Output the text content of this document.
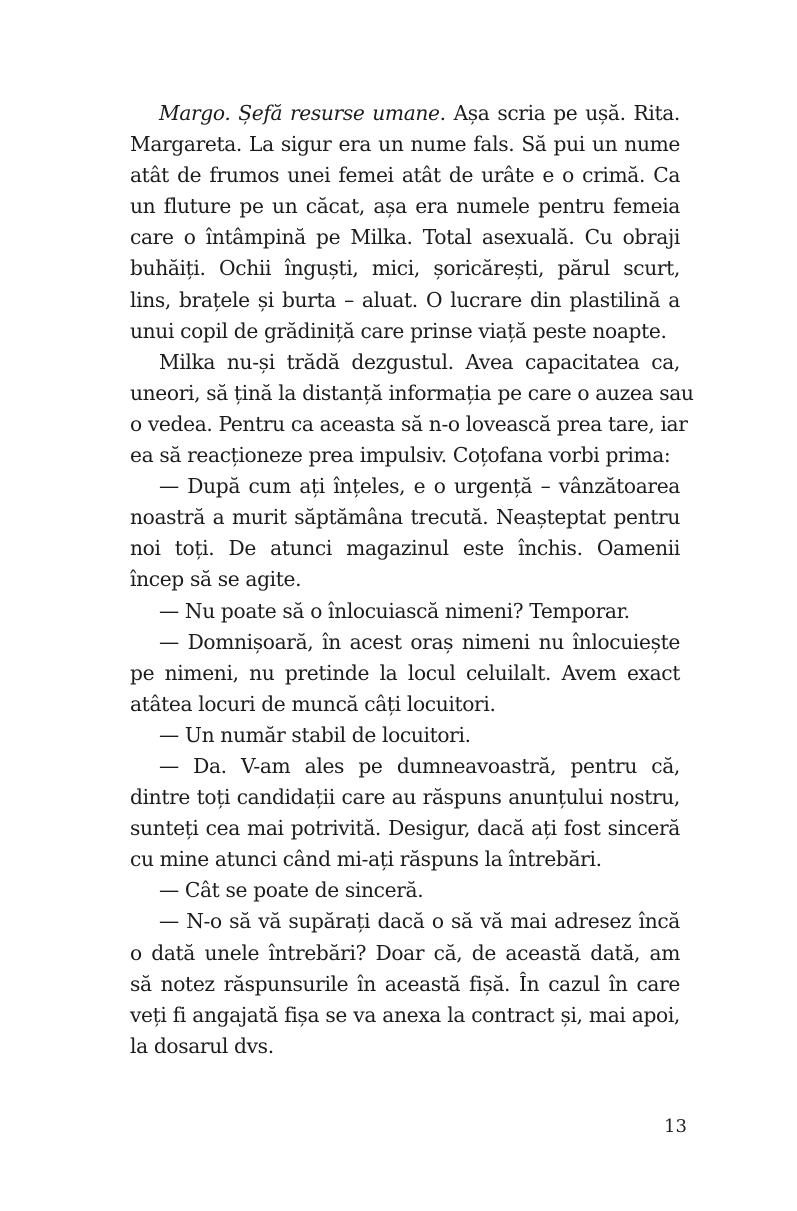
Margo. Șefă resurse umane. Așa scria pe ușă. Rita.
Margareta. La sigur era un nume fals. Să pui un nume
atât de frumos unei femei atât de urâte e o crimă. Ca
un fluture pe un căcat, așa era numele pentru femeia
care o întâmpină pe Milka. Total asexuală. Cu obraji
buhăiți. Ochii înguști, mici, șoricărești, părul scurt,
lins, brațele și burta – aluat. O lucrare din plastilină a
unui copil de grădiniță care prinse viață peste noapte.
Milka nu-și trădă dezgustul. Avea capacitatea ca,
uneori, să țină la distanță informația pe care o auzea sau
o vedea. Pentru ca aceasta să n-o lovească prea tare, iar
ea să reacționeze prea impulsiv. Coțofana vorbi prima:
— După cum ați înțeles, e o urgență – vânzătoarea
noastră a murit săptămâna trecută. Neașteptat pentru
noi toți. De atunci magazinul este închis. Oamenii
încep să se agite.
— Nu poate să o înlocuiască nimeni? Temporar.
— Domnișoară, în acest oraș nimeni nu înlocuiește
pe nimeni, nu pretinde la locul celuilalt. Avem exact
atâtea locuri de muncă câți locuitori.
— Un număr stabil de locuitori.
— Da. V-am ales pe dumneavoastră, pentru că,
dintre toți candidații care au răspuns anunțului nostru,
sunteți cea mai potrivită. Desigur, dacă ați fost sinceră
cu mine atunci când mi-ați răspuns la întrebări.
— Cât se poate de sinceră.
— N-o să vă supărați dacă o să vă mai adresez încă
o dată unele întrebări? Doar că, de această dată, am
să notez răspunsurile în această fișă. În cazul în care
veți fi angajată fișa se va anexa la contract și, mai apoi,
la dosarul dvs.
13
